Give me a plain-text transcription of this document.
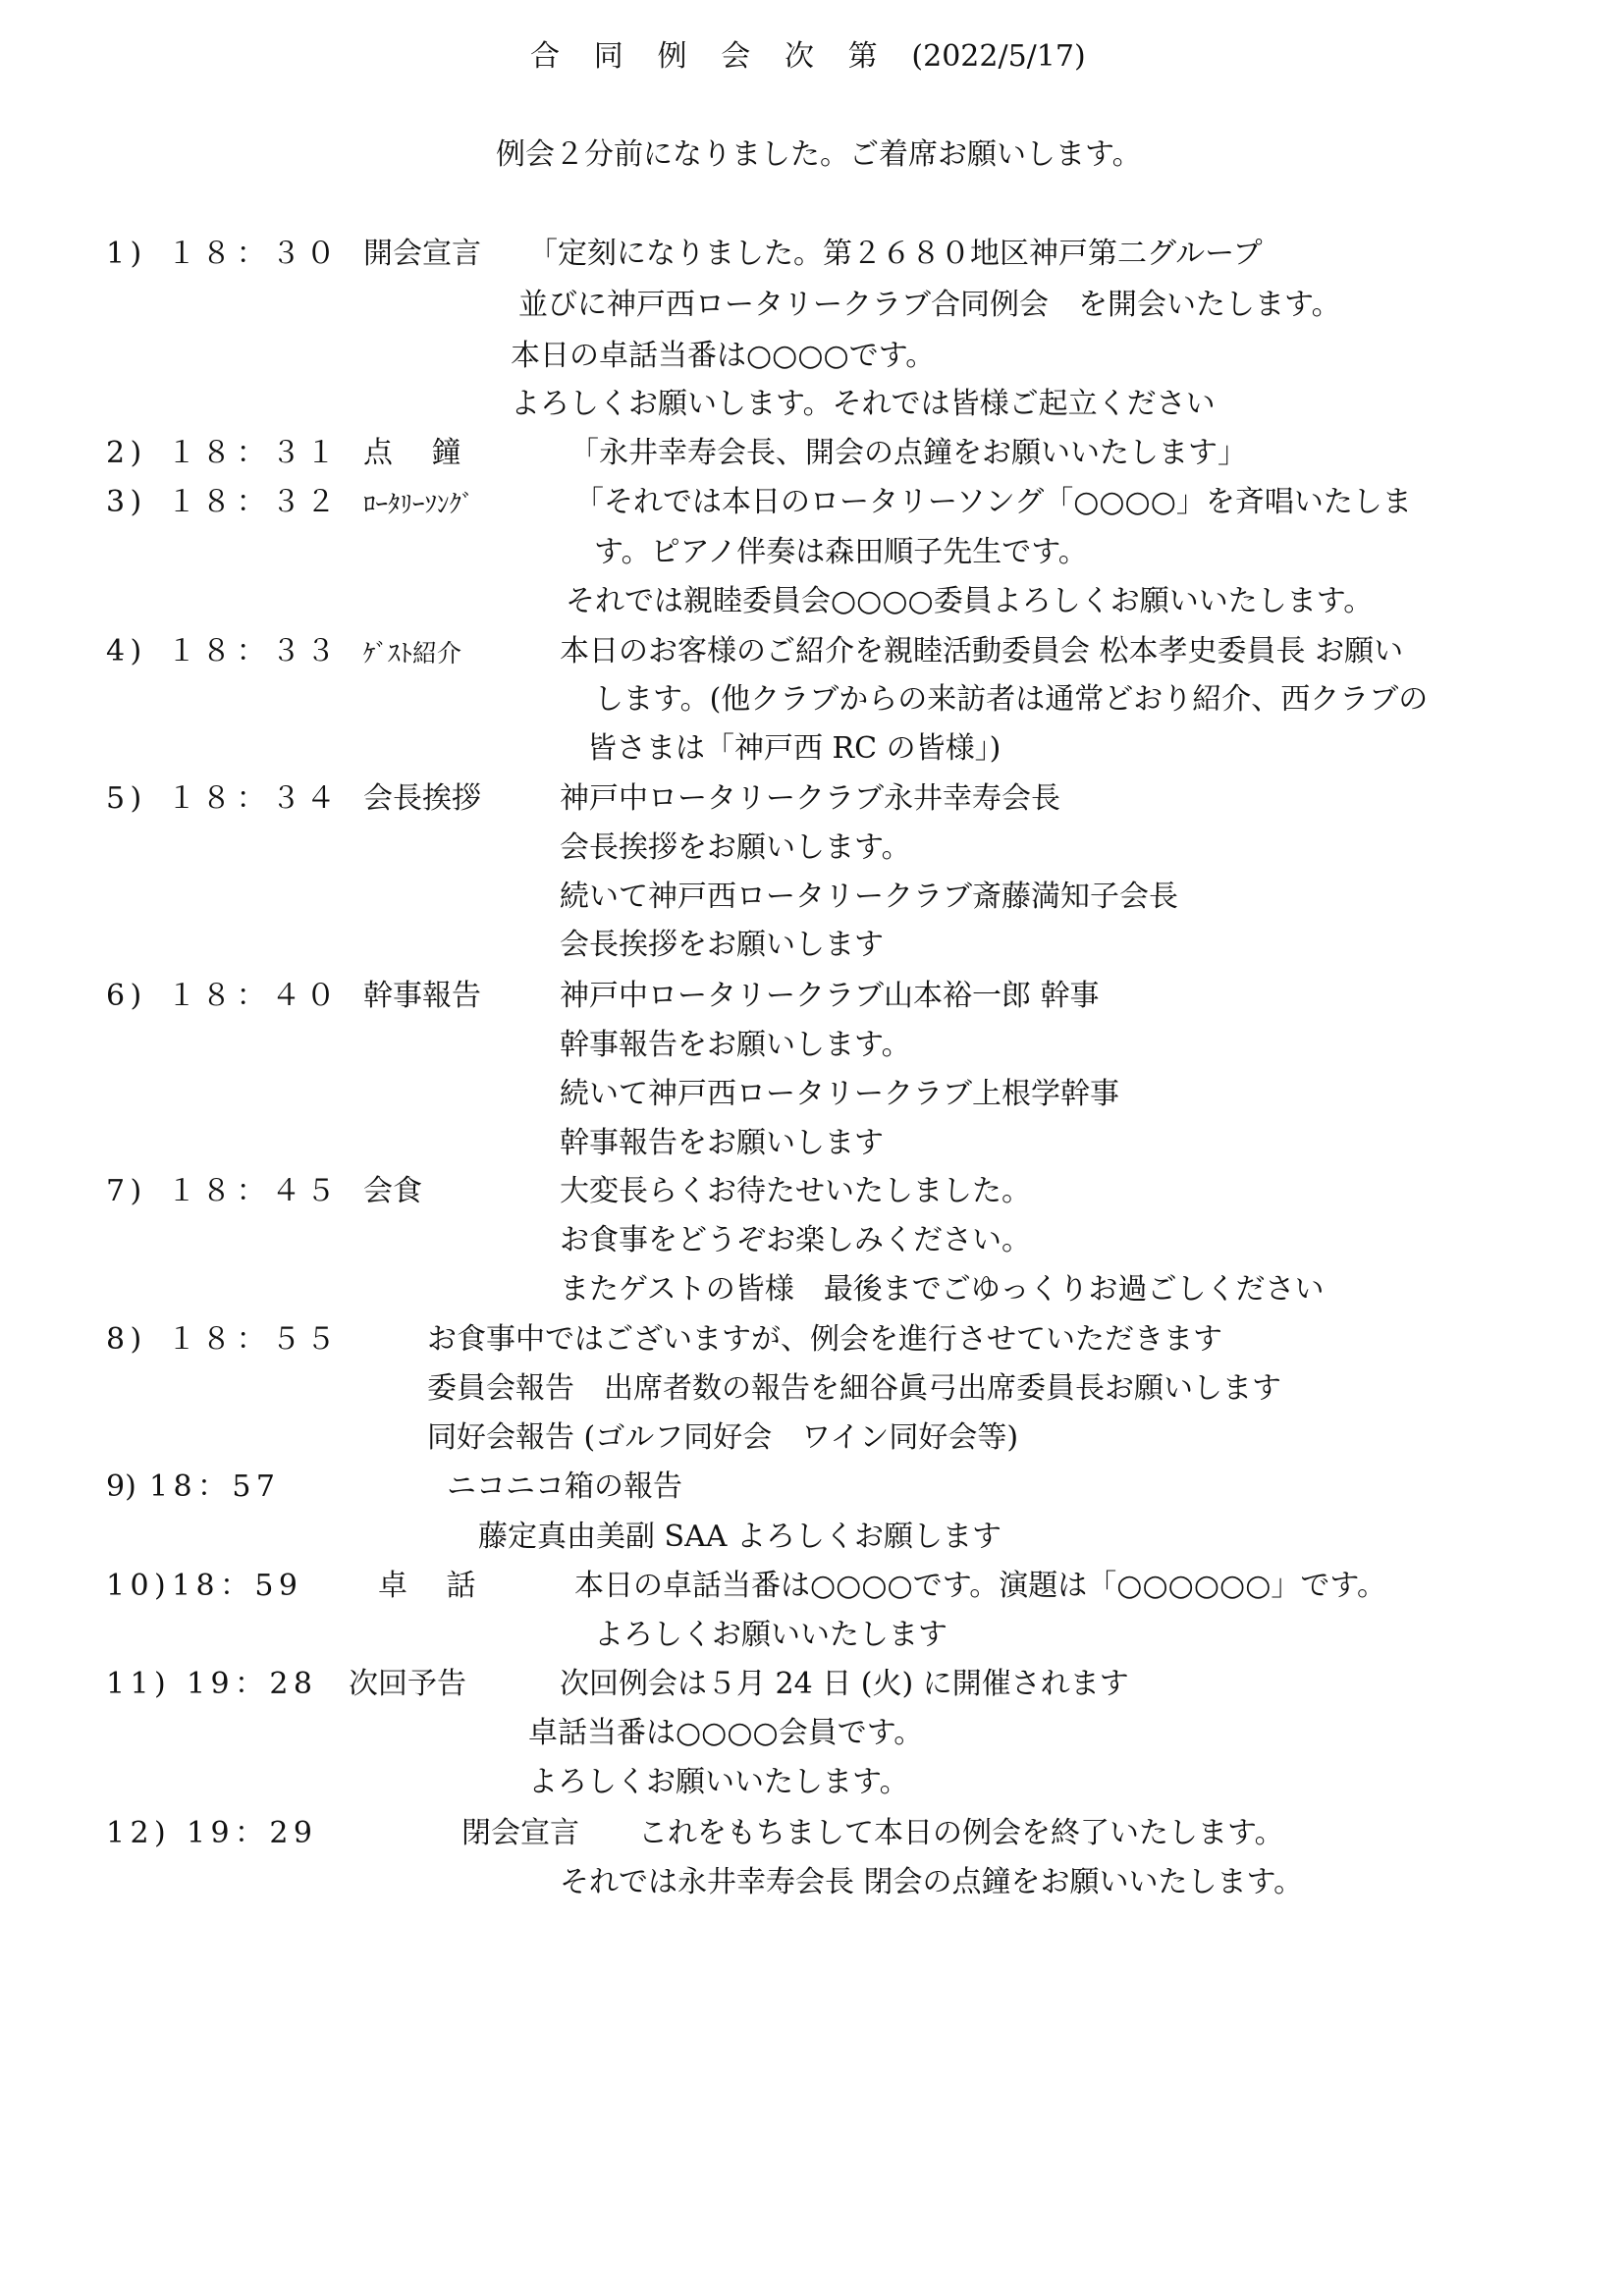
合 同 例 会 次 第 (2022/5/17)
例会２分前になりました。ご着席お願いします。
1) １８：３０ 開会宣言 「定刻になりました。第２６８０地区神戸第二グループ
並びに神戸西ロータリークラブ合同例会　を開会いたします。
本日の卓話当番は○○○○です。
よろしくお願いします。それでは皆様ご起立ください
2) １８：３１ 点　 鐘	「永井幸寿会長、開会の点鐘をお願いいたします」
3) １８：３２ ﾛｰﾀﾘｰｿﾝｸﾞ	「それでは本日のロータリーソング「○○○○」を斉唱いたしま
す。ピアノ伴奏は森田順子先生です。
それでは親睦委員会○○○○委員よろしくお願いいたします。
4) １８：３３ ｹﾞｽﾄ紹介	本日のお客様のご紹介を親睦活動委員会 松本孝史委員長 お願い
します。(他クラブからの来訪者は通常どおり紹介、西クラブの
皆さまは「神戸西 RC の皆様」)
5) １８：３４ 会長挨拶	神戸中ロータリークラブ永井幸寿会長
会長挨拶をお願いします。
続いて神戸西ロータリークラブ斎藤満知子会長
会長挨拶をお願いします
6) １８：４０ 幹事報告	神戸中ロータリークラブ山本裕一郎 幹事
幹事報告をお願いします。
続いて神戸西ロータリークラブ上根学幹事
幹事報告をお願いします
7) １８：４５ 会食	大変長らくお待たせいたしました。
お食事をどうぞお楽しみください。
またゲストの皆様　最後までごゆっくりお過ごしください
8) １８：５５	お食事中ではございますが、例会を進行させていただきます
委員会報告　出席者数の報告を細谷眞弓出席委員長お願いします
同好会報告 (ゴルフ同好会　ワイン同好会等)
9) 18：57	ニコニコ箱の報告
藤定真由美副 SAA よろしくお願します
10) 18：59	卓　 話	本日の卓話当番は○○○○です。演題は「○○○○○○」です。
よろしくお願いいたします
11) 19：28 次回予告	次回例会は５月 24 日 (火) に開催されます
卓話当番は○○○○会員です。
よろしくお願いいたします。
12) 19：29	閉会宣言 これをもちまして本日の例会を終了いたします。
それでは永井幸寿会長 閉会の点鐘をお願いいたします。
